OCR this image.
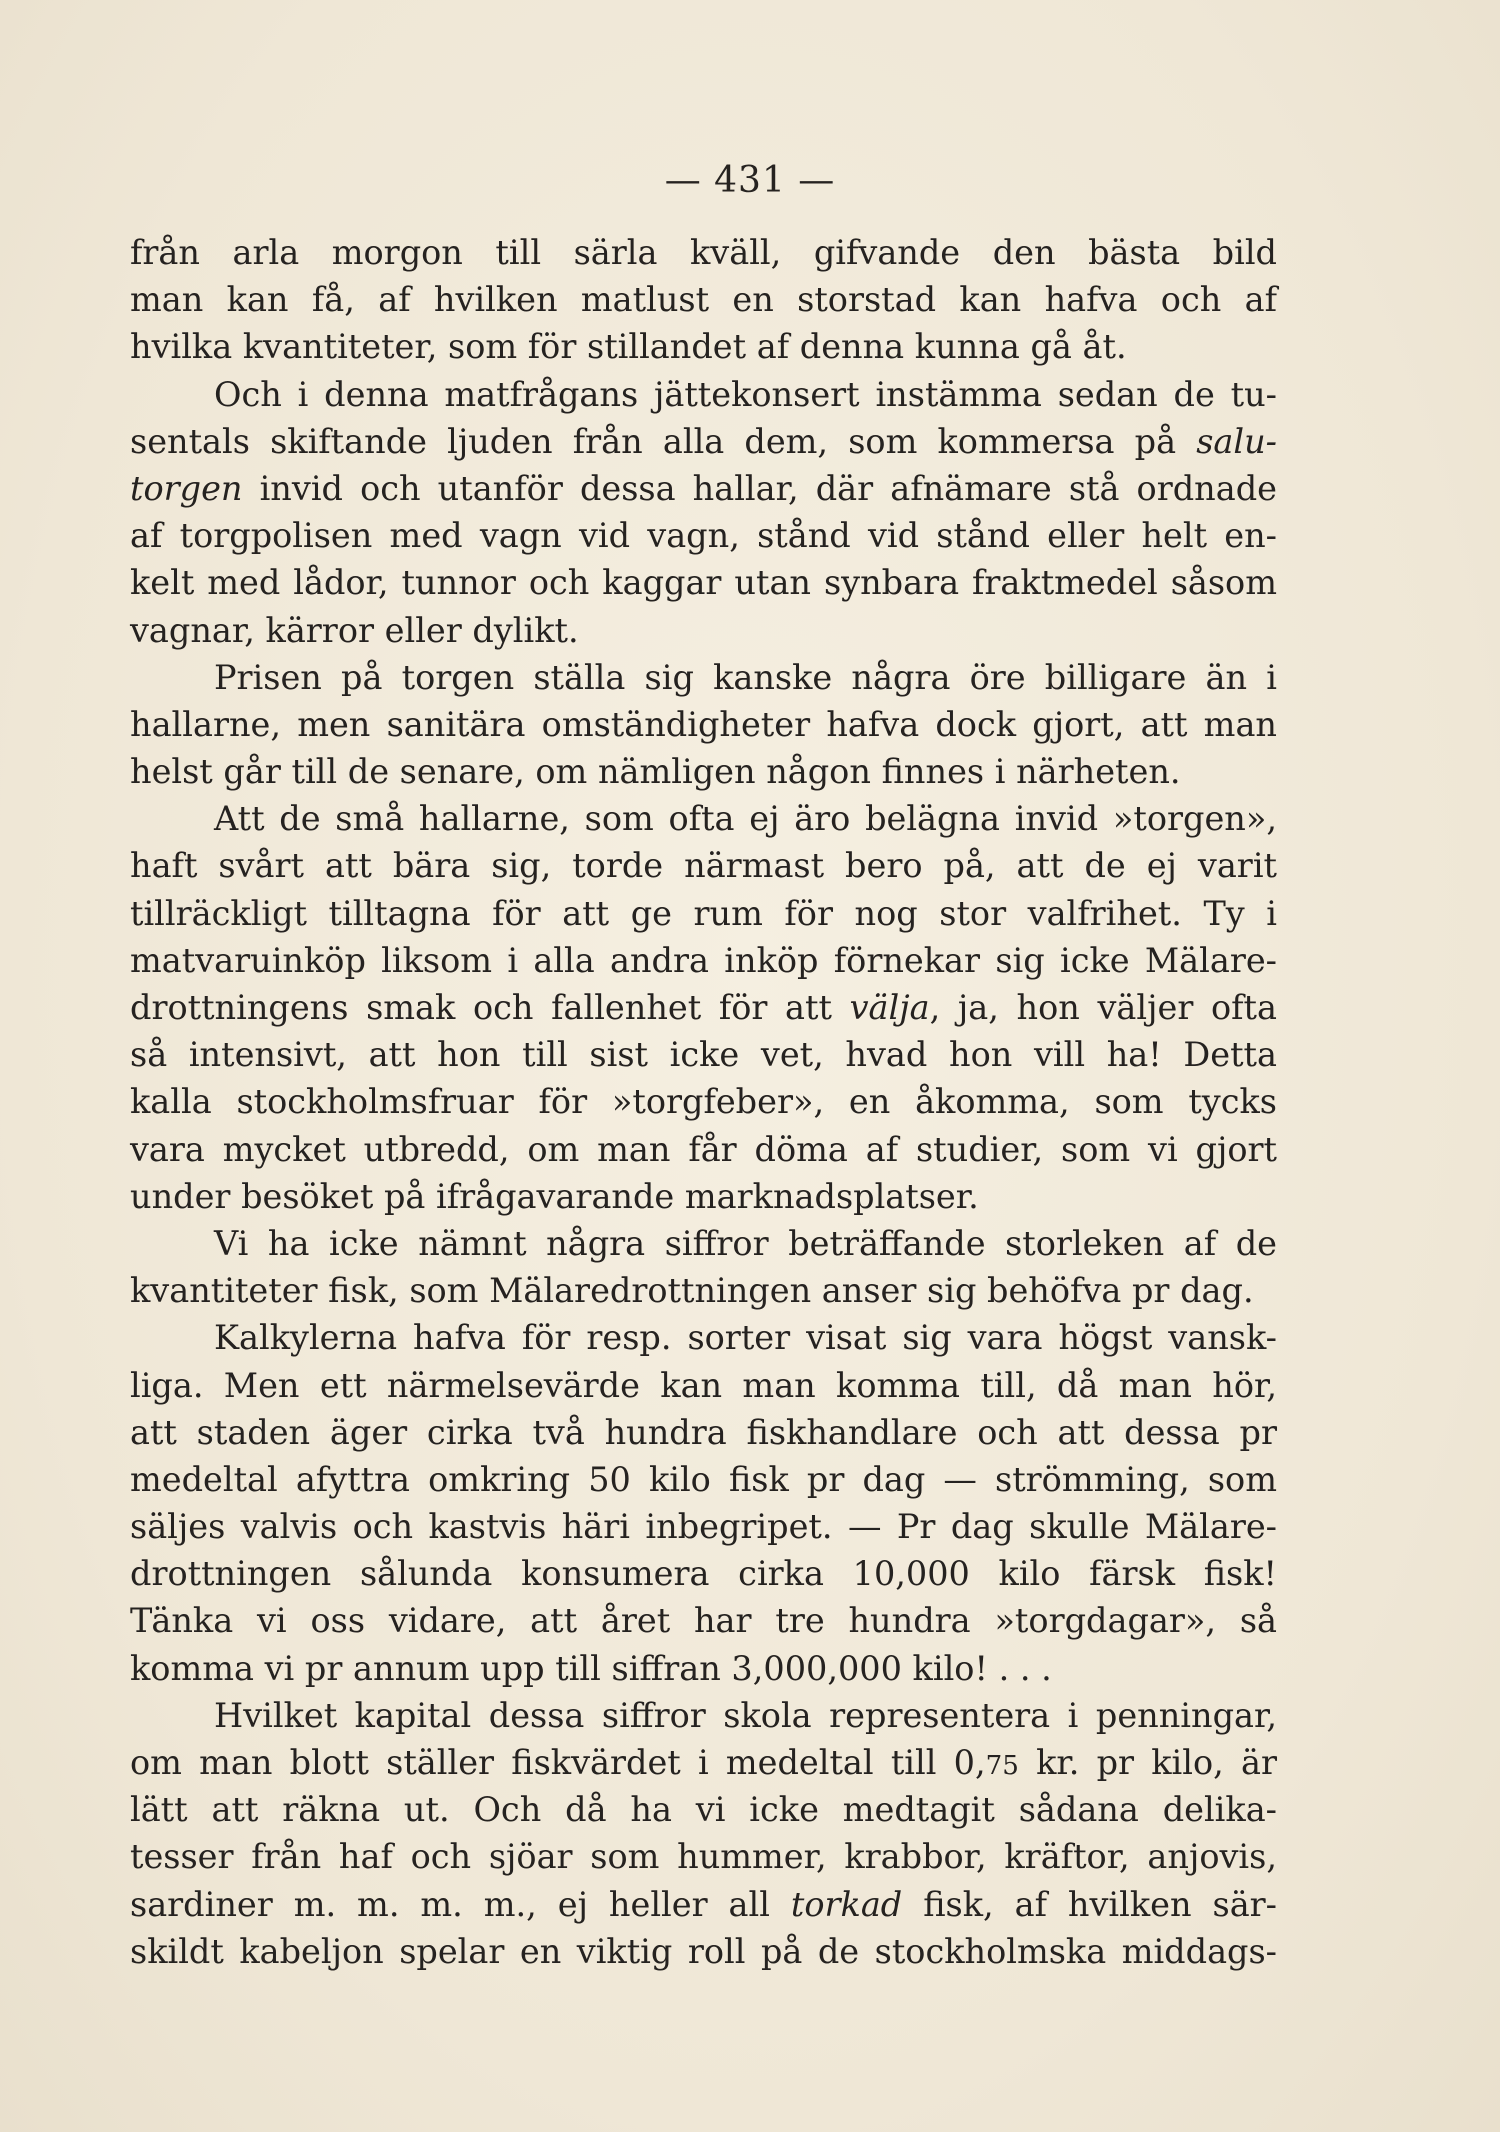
— 431 —
från arla morgon till särla kväll, gifvande den bästa bild
man kan få, af hvilken matlust en storstad kan hafva och af
hvilka kvantiteter, som för stillandet af denna kunna gå åt.
Och i denna matfrågans jättekonsert instämma sedan de tu-
sentals skiftande ljuden från alla dem, som kommersa på salu-
torgen invid och utanför dessa hallar, där afnämare stå ordnade
af torgpolisen med vagn vid vagn, stånd vid stånd eller helt en-
kelt med lådor, tunnor och kaggar utan synbara fraktmedel såsom
vagnar, kärror eller dylikt.
Prisen på torgen ställa sig kanske några öre billigare än i
hallarne, men sanitära omständigheter hafva dock gjort, att man
helst går till de senare, om nämligen någon finnes i närheten.
Att de små hallarne, som ofta ej äro belägna invid »torgen»,
haft svårt att bära sig, torde närmast bero på, att de ej varit
tillräckligt tilltagna för att ge rum för nog stor valfrihet. Ty i
matvaruinköp liksom i alla andra inköp förnekar sig icke Mälare-
drottningens smak och fallenhet för att välja, ja, hon väljer ofta
så intensivt, att hon till sist icke vet, hvad hon vill ha! Detta
kalla stockholmsfruar för »torgfeber», en åkomma, som tycks
vara mycket utbredd, om man får döma af studier, som vi gjort
under besöket på ifrågavarande marknadsplatser.
Vi ha icke nämnt några siffror beträffande storleken af de
kvantiteter fisk, som Mälaredrottningen anser sig behöfva pr dag.
Kalkylerna hafva för resp. sorter visat sig vara högst vansk-
liga. Men ett närmelsevärde kan man komma till, då man hör,
att staden äger cirka två hundra fiskhandlare och att dessa pr
medeltal afyttra omkring 50 kilo fisk pr dag — strömming, som
säljes valvis och kastvis häri inbegripet. — Pr dag skulle Mälare-
drottningen sålunda konsumera cirka 10,000 kilo färsk fisk!
Tänka vi oss vidare, att året har tre hundra »torgdagar», så
komma vi pr annum upp till siffran 3,000,000 kilo! . . .
Hvilket kapital dessa siffror skola representera i penningar,
om man blott ställer fiskvärdet i medeltal till 0,75 kr. pr kilo, är
lätt att räkna ut. Och då ha vi icke medtagit sådana delika-
tesser från haf och sjöar som hummer, krabbor, kräftor, anjovis,
sardiner m. m. m. m., ej heller all torkad fisk, af hvilken sär-
skildt kabeljon spelar en viktig roll på de stockholmska middags-
